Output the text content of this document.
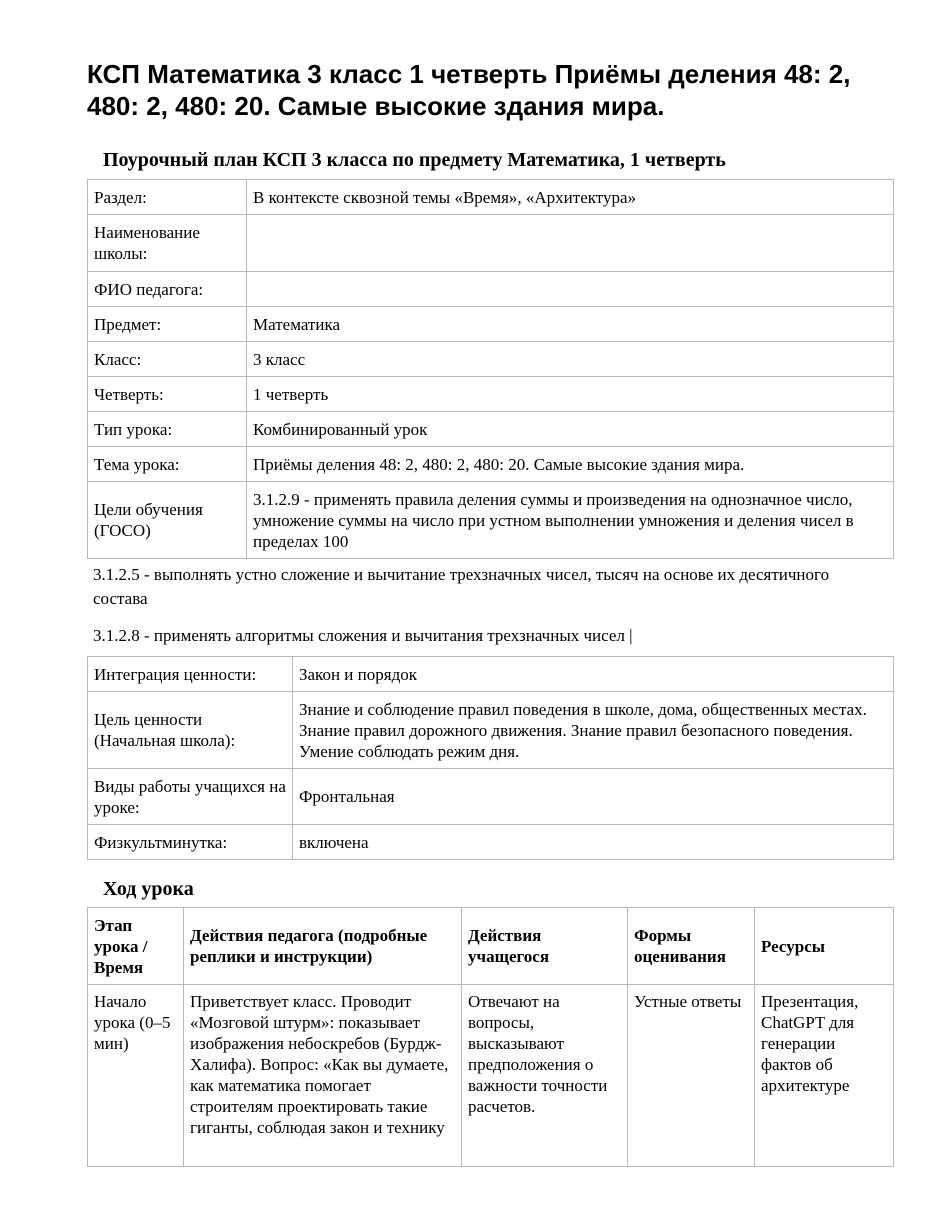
КСП Математика 3 класс 1 четверть Приёмы деления 48: 2, 480: 2, 480: 20. Самые высокие здания мира.
Поурочный план КСП 3 класса по предмету Математика, 1 четверть
Раздел:	В контексте сквозной темы «Время», «Архитектура»
Наименование школы:	
ФИО педагога:	
Предмет:	Математика
Класс:	3 класс
Четверть:	1 четверть
Тип урока:	Комбинированный урок
Тема урока:	Приёмы деления 48: 2, 480: 2, 480: 20. Самые высокие здания мира.
Цели обучения (ГОСО)	3.1.2.9 - применять правила деления суммы и произведения на однозначное число, умножение суммы на число при устном выполнении умножения и деления чисел в пределах 100

3.1.2.5 - выполнять устно сложение и вычитание трехзначных чисел, тысяч на основе их десятичного состава

3.1.2.8 - применять алгоритмы сложения и вычитания трехзначных чисел |

Интеграция ценности:	Закон и порядок
Цель ценности (Начальная школа):	Знание и соблюдение правил поведения в школе, дома, общественных местах. Знание правил дорожного движения. Знание правил безопасного поведения. Умение соблюдать режим дня.
Виды работы учащихся на уроке:	Фронтальная
Физкультминутка:	включена
Ход урока
Этап урока / Время	Действия педагога (подробные реплики и инструкции)	Действия учащегося	Формы оценивания	Ресурсы
Начало урока (0–5 мин)	Приветствует класс. Проводит «Мозговой штурм»: показывает изображения небоскребов (Бурдж-Халифа). Вопрос: «Как вы думаете, как математика помогает строителям проектировать такие гиганты, соблюдая закон и технику	Отвечают на вопросы, высказывают предположения о важности точности расчетов.	Устные ответы	Презентация, ChatGPT для генерации фактов об архитектуре
